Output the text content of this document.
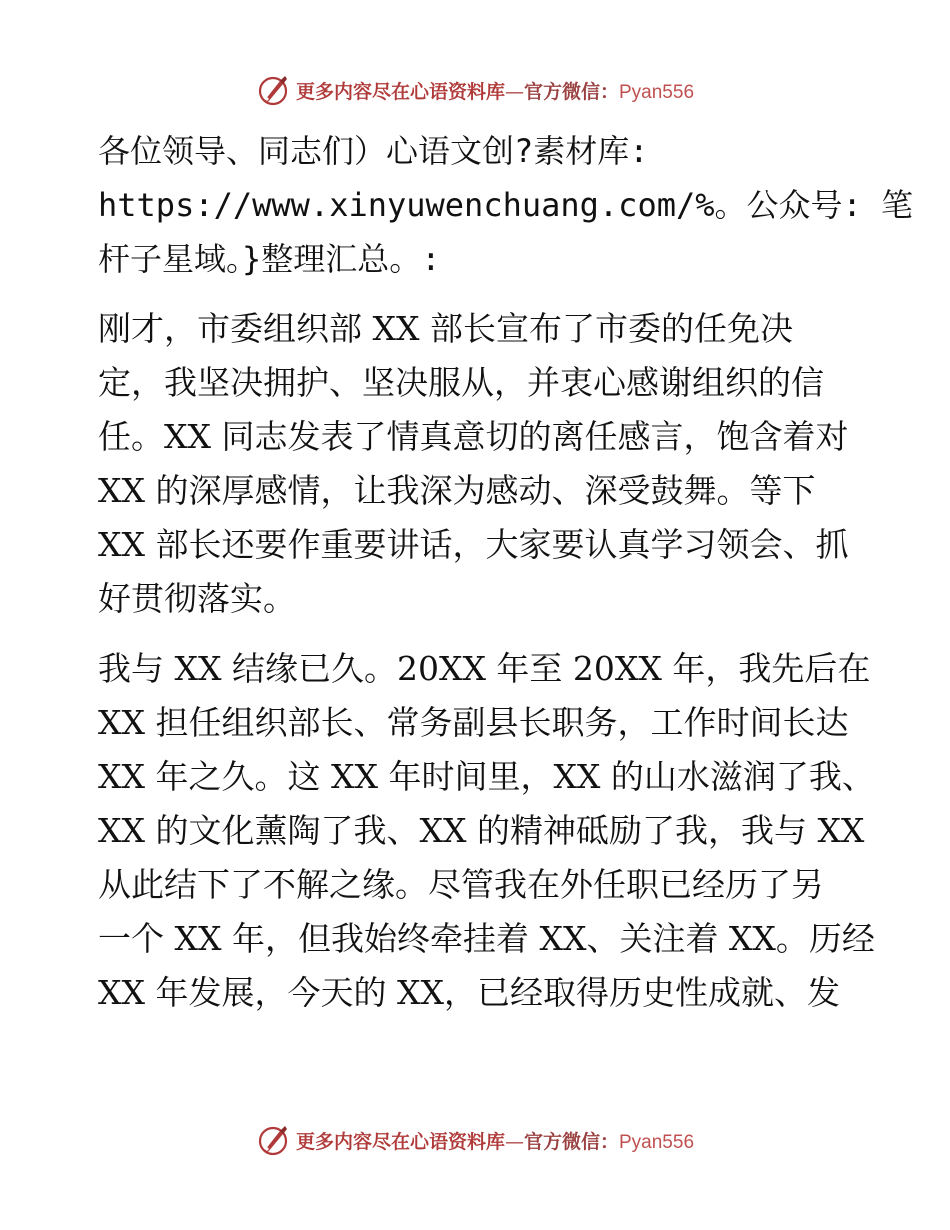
更多内容尽在心语资料库—官方微信：Pyan556
各位领导、同志们）心语文创?素材库:
https://www.xinyuwenchuang.com/%。公众号: 笔
杆子星域。}整理汇总。:
刚才，市委组织部 XX 部长宣布了市委的任免决
定，我坚决拥护、坚决服从，并衷心感谢组织的信
任。XX 同志发表了情真意切的离任感言，饱含着对
XX 的深厚感情，让我深为感动、深受鼓舞。等下
XX 部长还要作重要讲话，大家要认真学习领会、抓
好贯彻落实。
我与 XX 结缘已久。20XX 年至 20XX 年，我先后在
XX 担任组织部长、常务副县长职务，工作时间长达
XX 年之久。这 XX 年时间里，XX 的山水滋润了我、
XX 的文化薰陶了我、XX 的精神砥励了我，我与 XX
从此结下了不解之缘。尽管我在外任职已经历了另
一个 XX 年，但我始终牵挂着 XX、关注着 XX。历经
XX 年发展，今天的 XX，已经取得历史性成就、发
更多内容尽在心语资料库—官方微信：Pyan556
